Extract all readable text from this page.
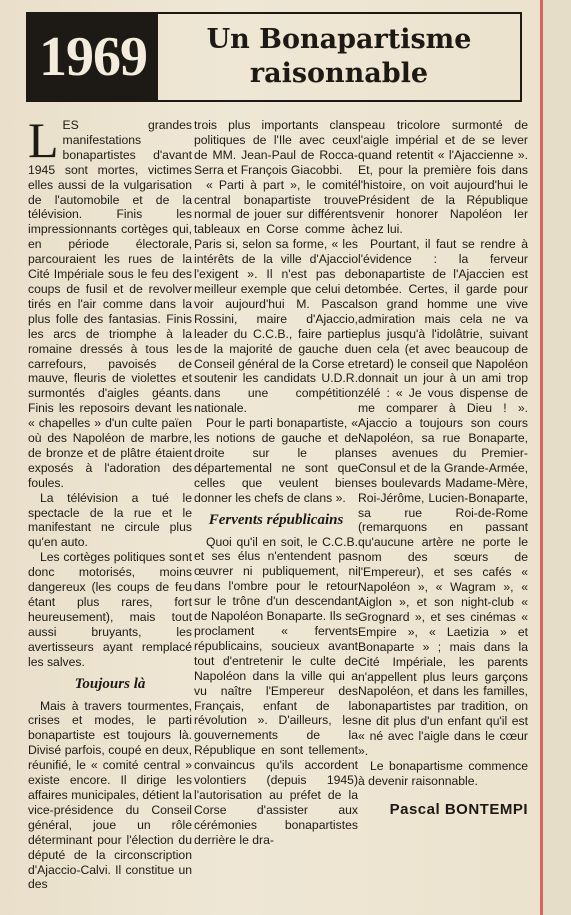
1969	Un Bonapartisme
raisonnable

LES grandes manifestations bonapartistes d'avant 1945 sont mortes, victimes elles aussi de la vulgarisation de l'automobile et de la télévision. Finis les impressionnants cortèges qui, en période électorale, parcouraient les rues de la Cité Impériale sous le feu des coups de fusil et de revolver tirés en l'air comme dans la plus folle des fantasias. Finis les arcs de triomphe à la romaine dressés à tous les carrefours, pavoisés de mauve, fleuris de violettes et surmontés d'aigles géants. Finis les reposoirs devant les « chapelles » d'un culte païen où des Napoléon de marbre, de bronze et de plâtre étaient exposés à l'adoration des foules.

La télévision a tué le spectacle de la rue et le manifestant ne circule plus qu'en auto.

Les cortèges politiques sont donc motorisés, moins dangereux (les coups de feu étant plus rares, fort heureusement), mais tout aussi bruyants, les avertisseurs ayant remplacé les salves.

Toujours là

Mais à travers tourmentes, crises et modes, le parti bonapartiste est toujours là. Divisé parfois, coupé en deux, réunifié, le « comité central » existe encore. Il dirige les affaires municipales, détient la vice-présidence du Conseil général, joue un rôle déterminant pour l'élection du député de la circonscription d'Ajaccio-Calvi. Il constitue un des

trois plus importants clans politiques de l'Ile avec ceux de MM. Jean-Paul de Rocca-Serra et François Giacobbi.

« Parti à part », le comité central bonapartiste trouve normal de jouer sur différents tableaux en Corse comme à Paris si, selon sa forme, « les intérêts de la ville d'Ajaccio l'exigent ». Il n'est pas de meilleur exemple que celui de voir aujourd'hui M. Pascal Rossini, maire d'Ajaccio, leader du C.C.B., faire partie de la majorité de gauche du Conseil général de la Corse et soutenir les candidats U.D.R. dans une compétition nationale.

Pour le parti bonapartiste, « les notions de gauche et de droite sur le plan départemental ne sont que celles que veulent bien donner les chefs de clans ».

Fervents républicains

Quoi qu'il en soit, le C.C.B. et ses élus n'entendent pas œuvrer ni publiquement, ni dans l'ombre pour le retour sur le trône d'un descendant de Napoléon Bonaparte. Ils se proclament « fervents républicains, soucieux avant tout d'entretenir le culte de Napoléon dans la ville qui a vu naître l'Empereur des Français, enfant de la révolution ». D'ailleurs, les gouvernements de la République en sont tellement convaincus qu'ils accordent volontiers (depuis 1945) l'autorisation au préfet de la Corse d'assister aux cérémonies bonapartistes derrière le dra-

peau tricolore surmonté de l'aigle impérial et de se lever quand retentit « l'Ajaccienne ». Et, pour la première fois dans l'histoire, on voit aujourd'hui le Président de la République venir honorer Napoléon Ier chez lui.

Pourtant, il faut se rendre à l'évidence : la ferveur bonapartiste de l'Ajaccien est tombée. Certes, il garde pour son grand homme une vive admiration mais cela ne va plus jusqu'à l'idolâtrie, suivant en cela (et avec beaucoup de retard) le conseil que Napoléon donnait un jour à un ami trop zélé : « Je vous dispense de me comparer à Dieu ! ». Ajaccio a toujours son cours Napoléon, sa rue Bonaparte, ses avenues du Premier-Consul et de la Grande-Armée, ses boulevards Madame-Mère, Roi-Jérôme, Lucien-Bonaparte, sa rue Roi-de-Rome (remarquons en passant qu'aucune artère ne porte le nom des sœurs de l'Empereur), et ses cafés « Napoléon », « Wagram », « Aiglon », et son night-club « Grognard », et ses cinémas « Empire », « Laetizia » et Bonaparte » ; mais dans la Cité Impériale, les parents n'appellent plus leurs garçons Napoléon, et dans les familles, bonapartistes par tradition, on ne dit plus d'un enfant qu'il est « né avec l'aigle dans le cœur ».

Le bonapartisme commence à devenir raisonnable.

Pascal BONTEMPI
